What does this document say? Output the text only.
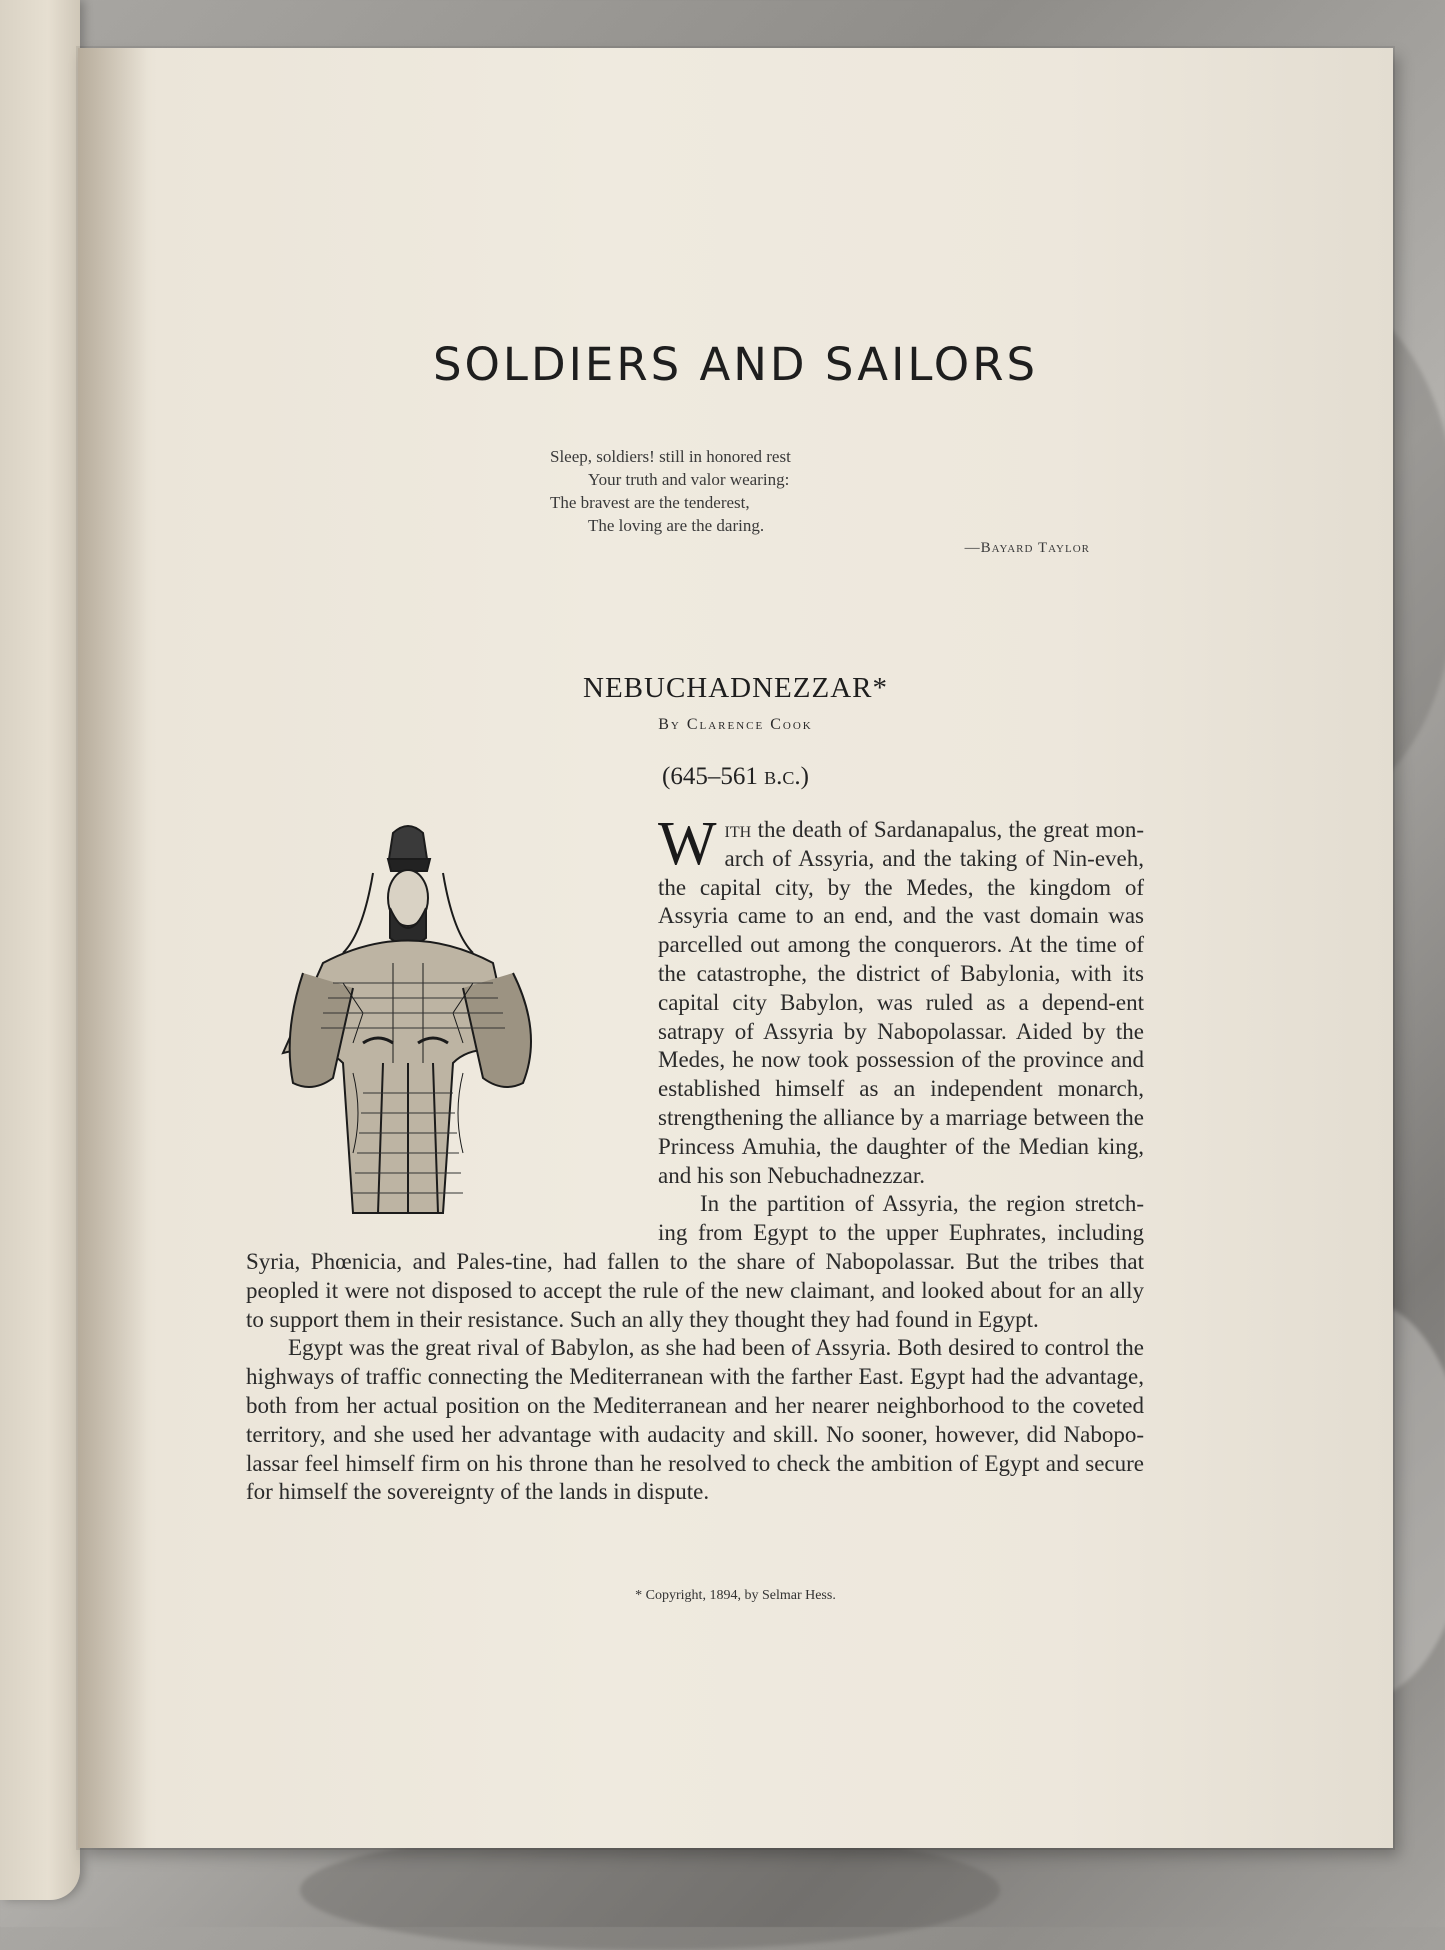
SOLDIERS AND SAILORS
Sleep, soldiers! still in honored rest
Your truth and valor wearing:
The bravest are the tenderest,
The loving are the daring.
—Bayard Taylor
NEBUCHADNEZZAR*
By Clarence Cook
(645–561 b.c.)

With the death of Sardanapalus, the great mon-arch of Assyria, and the taking of Nin-eveh, the capital city, by the Medes, the kingdom of Assyria came to an end, and the vast domain was parcelled out among the conquerors. At the time of the catastrophe, the district of Babylonia, with its capital city Babylon, was ruled as a depend-ent satrapy of Assyria by Nabopolassar. Aided by the Medes, he now took possession of the province and established himself as an independent monarch, strengthening the alliance by a marriage between the Princess Amuhia, the daughter of the Median king, and his son Nebuchadnezzar.

In the partition of Assyria, the region stretch-ing from Egypt to the upper Euphrates, including Syria, Phœnicia, and Pales-tine, had fallen to the share of Nabopolassar. But the tribes that peopled it were not disposed to accept the rule of the new claimant, and looked about for an ally to support them in their resistance. Such an ally they thought they had found in Egypt.

Egypt was the great rival of Babylon, as she had been of Assyria. Both desired to control the highways of traffic connecting the Mediterranean with the farther East. Egypt had the advantage, both from her actual position on the Mediterranean and her nearer neighborhood to the coveted territory, and she used her advantage with audacity and skill. No sooner, however, did Nabopo-lassar feel himself firm on his throne than he resolved to check the ambition of Egypt and secure for himself the sovereignty of the lands in dispute.

* Copyright, 1894, by Selmar Hess.
